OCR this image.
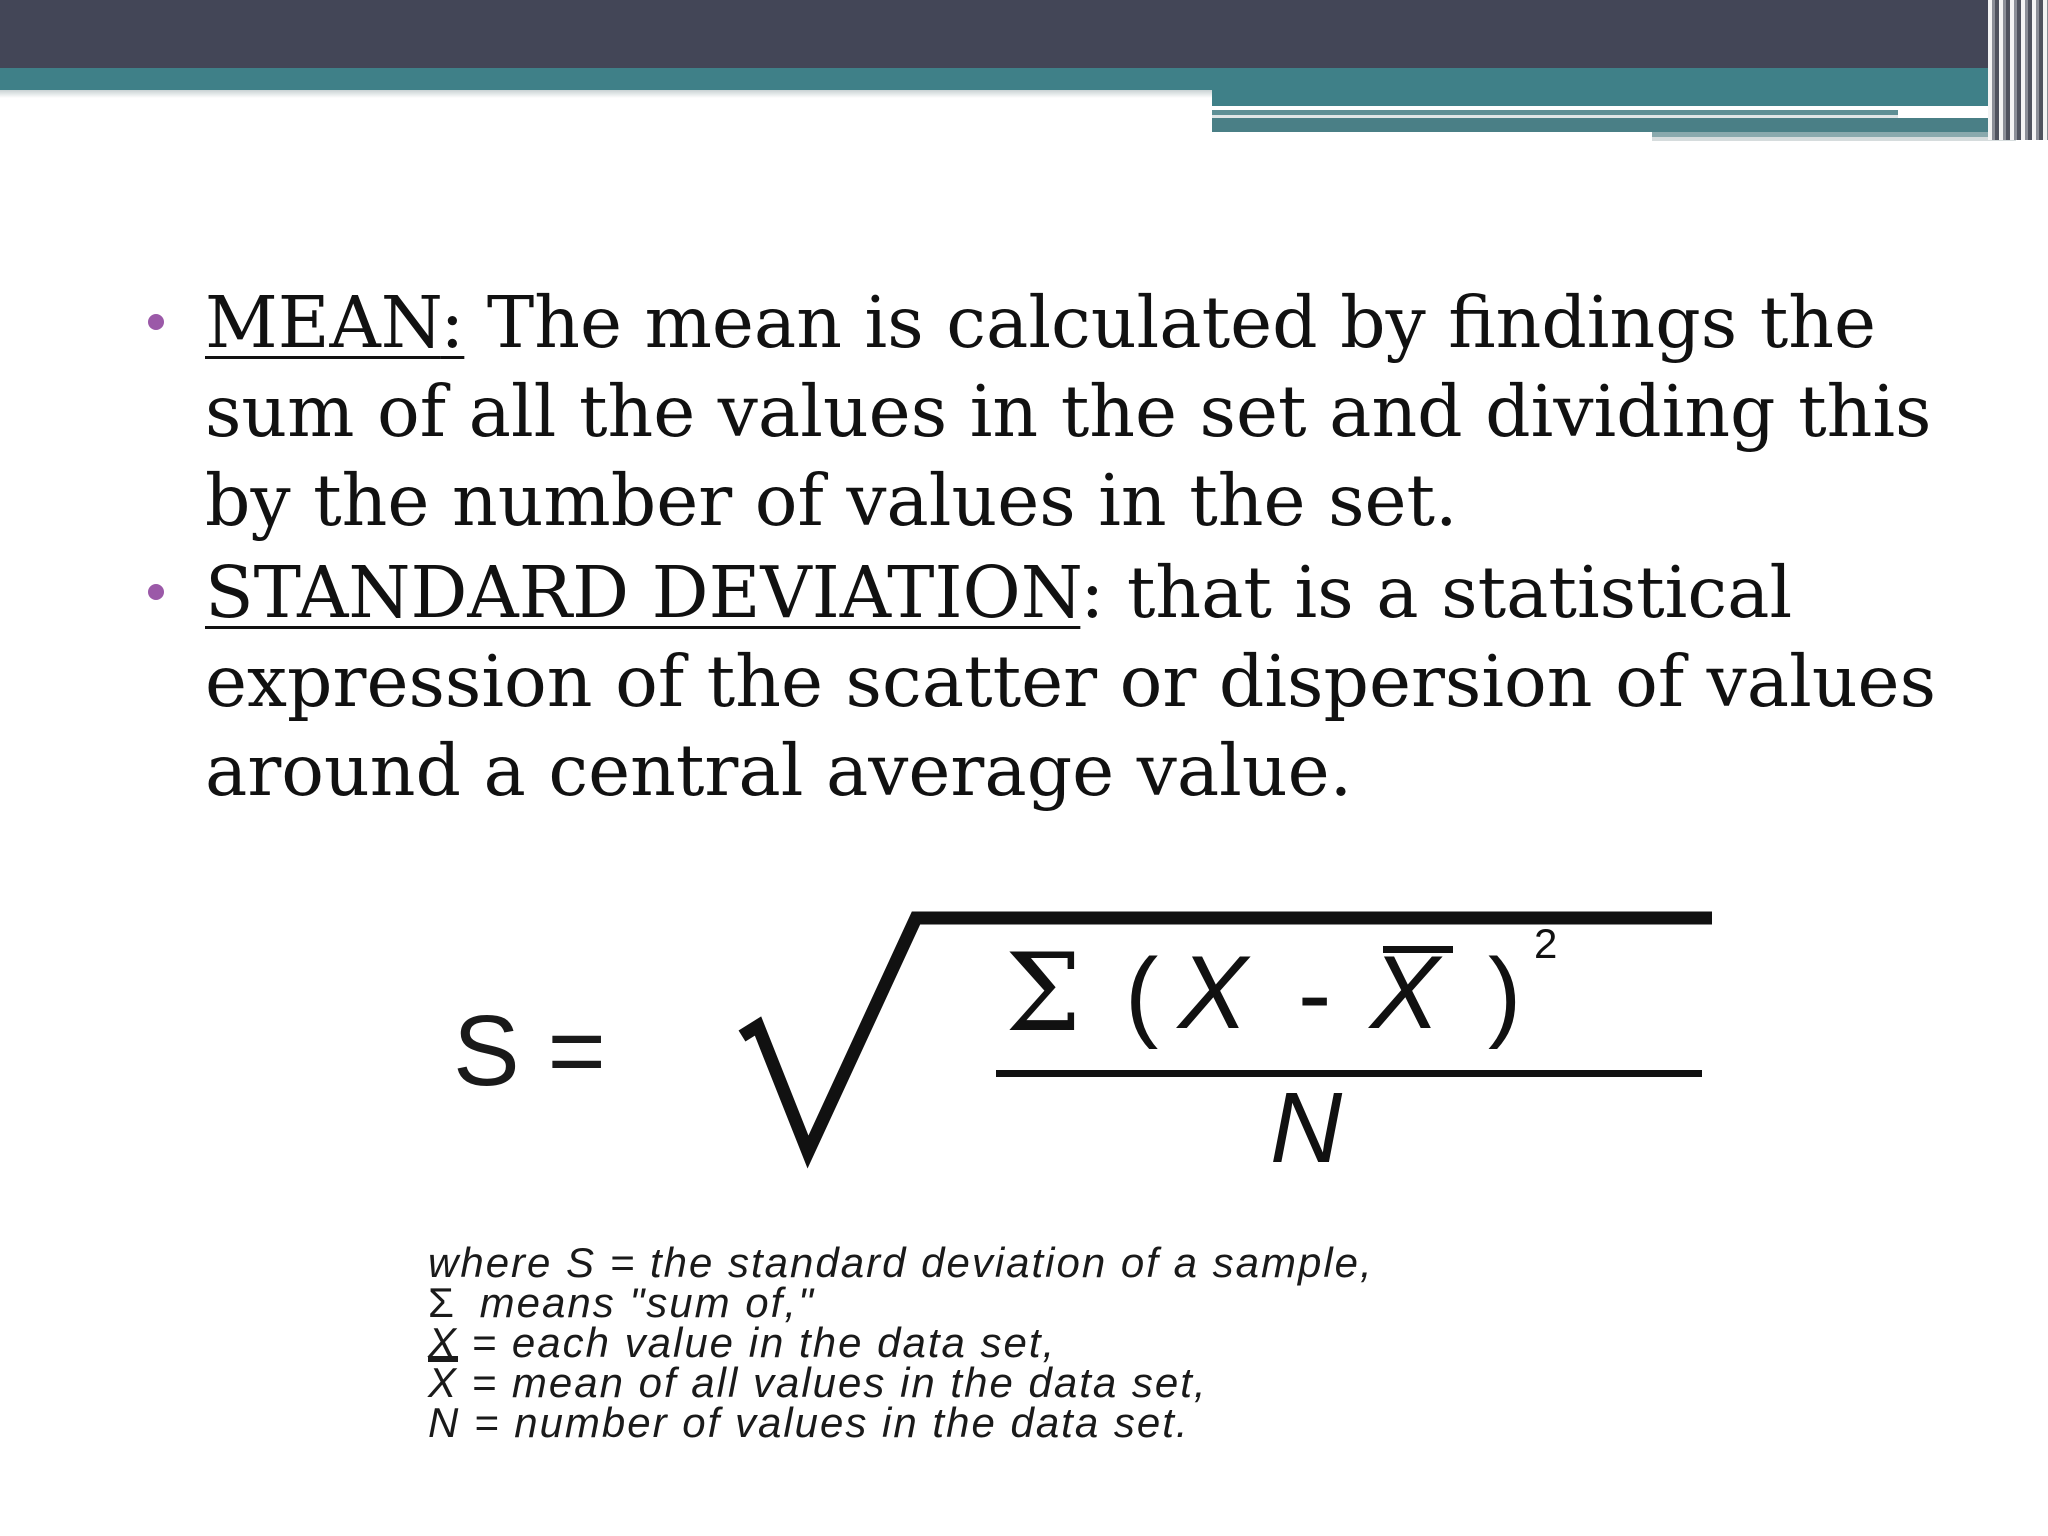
MEAN: The mean is calculated by findings the sum of all the values in the set and dividing this by the number of values in the set.
STANDARD DEVIATION: that is a statistical expression of the scatter or dispersion of values around a central average value.
S =	Σ ( X - X ) 2
N
where S = the standard deviation of a sample,
Σ means "sum of,"
X = each value in the data set,
$\overline{X}$ = mean of all values in the data set,
N = number of values in the data set.
